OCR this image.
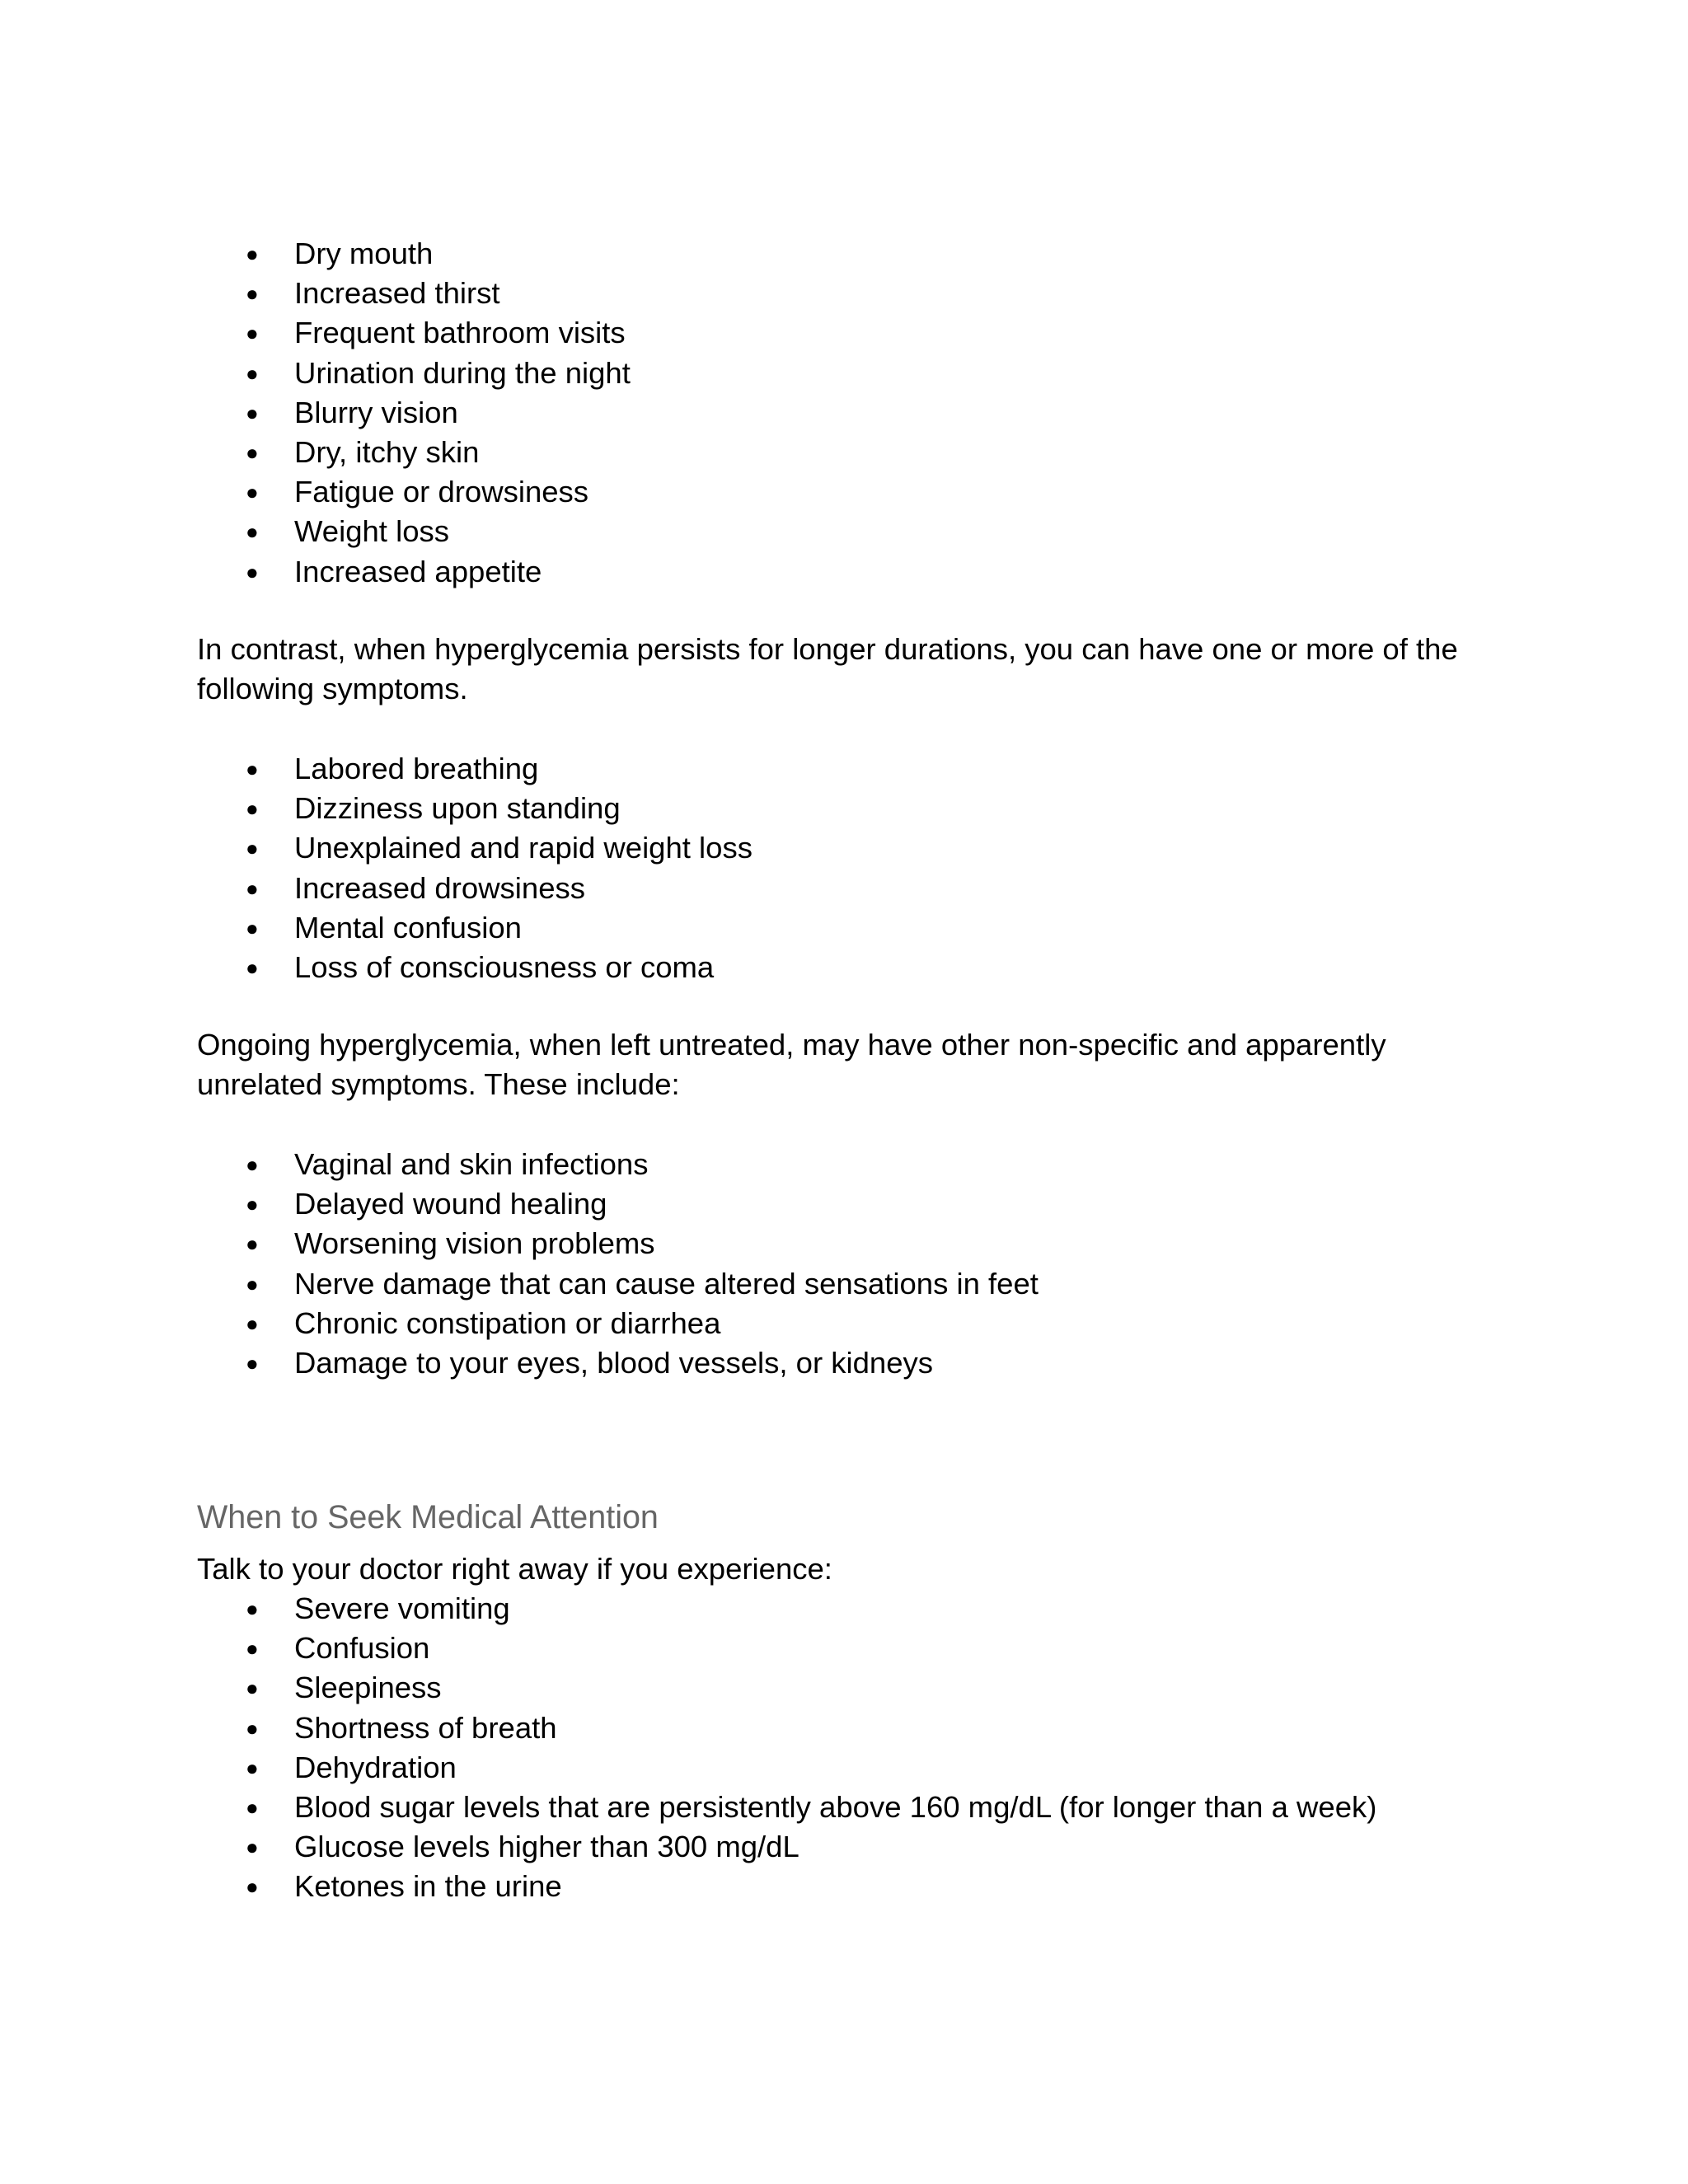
● Dry mouth
● Increased thirst
● Frequent bathroom visits
● Urination during the night
● Blurry vision
● Dry, itchy skin
● Fatigue or drowsiness
● Weight loss
● Increased appetite

In contrast, when hyperglycemia persists for longer durations, you can have one or more of the following symptoms.

● Labored breathing
● Dizziness upon standing
● Unexplained and rapid weight loss
● Increased drowsiness
● Mental confusion
● Loss of consciousness or coma

Ongoing hyperglycemia, when left untreated, may have other non-specific and apparently unrelated symptoms. These include:

● Vaginal and skin infections
● Delayed wound healing
● Worsening vision problems
● Nerve damage that can cause altered sensations in feet
● Chronic constipation or diarrhea
● Damage to your eyes, blood vessels, or kidneys
When to Seek Medical Attention

Talk to your doctor right away if you experience:

● Severe vomiting
● Confusion
● Sleepiness
● Shortness of breath
● Dehydration
● Blood sugar levels that are persistently above 160 mg/dL (for longer than a week)
● Glucose levels higher than 300 mg/dL
● Ketones in the urine
